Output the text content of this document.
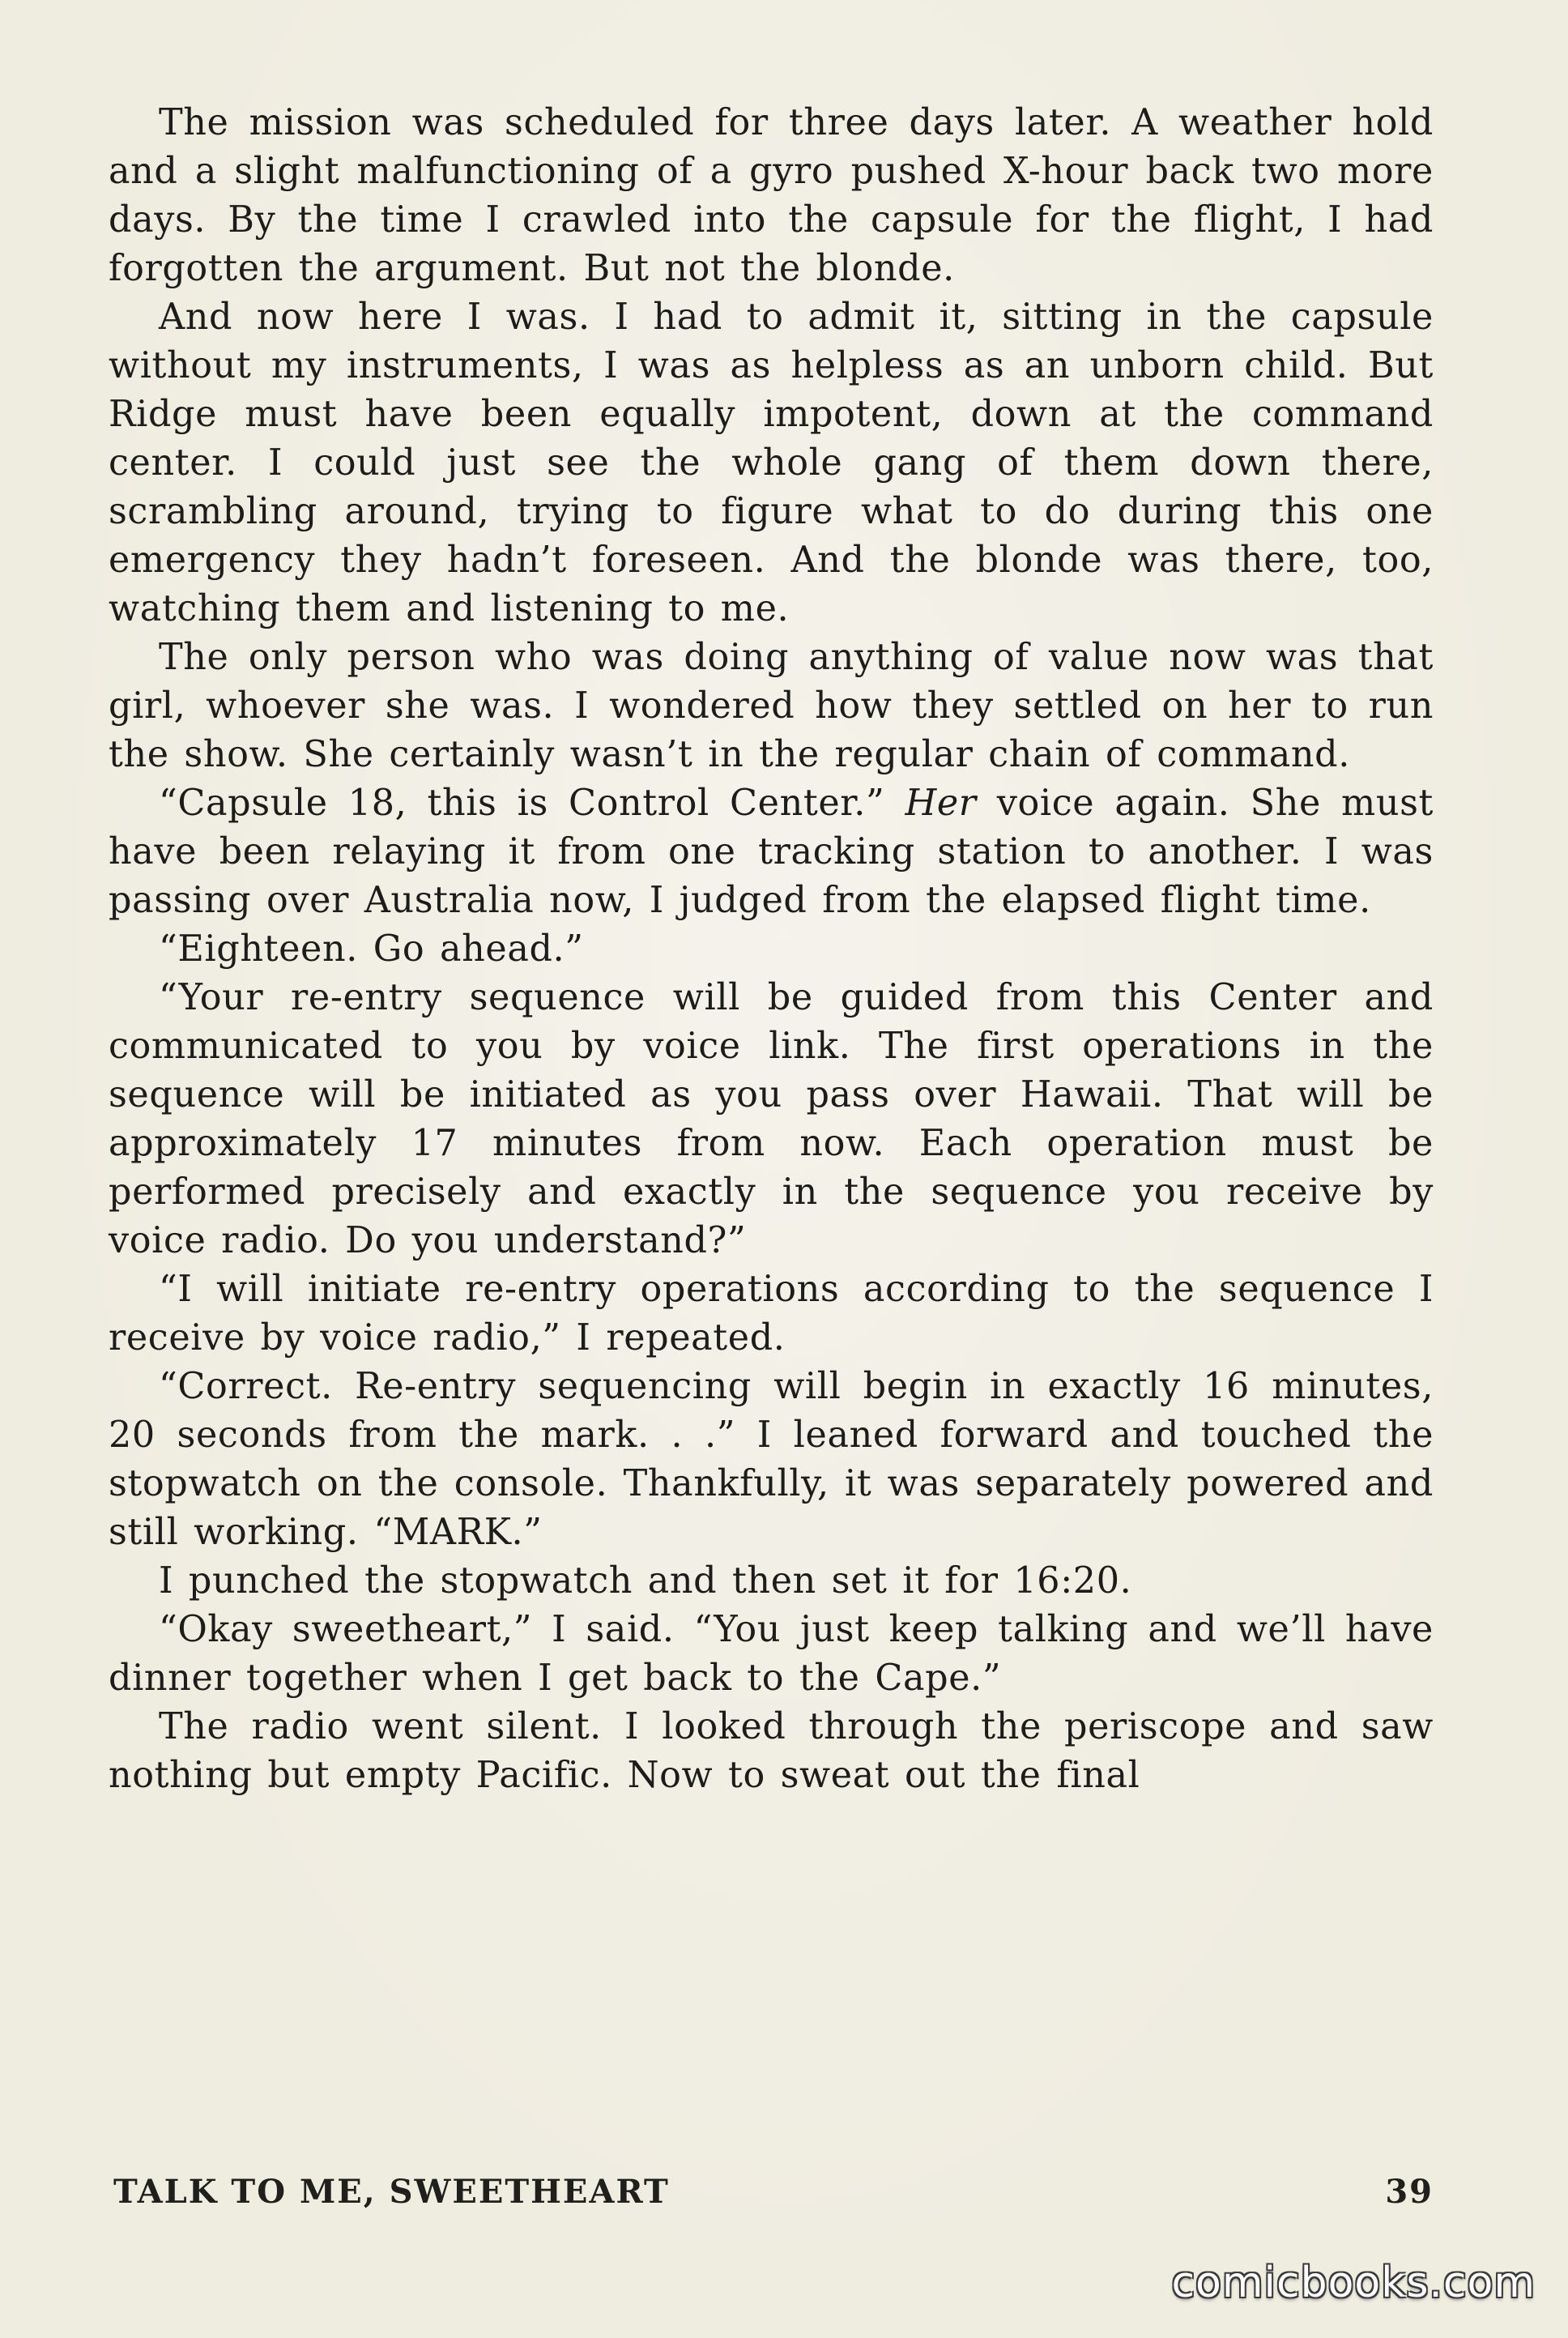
The mission was scheduled for three days later. A weather hold and a slight malfunctioning of a gyro pushed X-hour back two more days. By the time I crawled into the capsule for the flight, I had forgotten the argument. But not the blonde.

And now here I was. I had to admit it, sitting in the capsule without my instruments, I was as helpless as an unborn child. But Ridge must have been equally impotent, down at the command center. I could just see the whole gang of them down there, scrambling around, trying to figure what to do during this one emergency they hadn’t foreseen. And the blonde was there, too, watching them and listening to me.

The only person who was doing anything of value now was that girl, whoever she was. I wondered how they settled on her to run the show. She certainly wasn’t in the regular chain of command.

“Capsule 18, this is Control Center.” Her voice again. She must have been relaying it from one tracking station to another. I was passing over Australia now, I judged from the elapsed flight time.

“Eighteen. Go ahead.”

“Your re-entry sequence will be guided from this Center and communicated to you by voice link. The first operations in the sequence will be initiated as you pass over Hawaii. That will be approximately 17 minutes from now. Each operation must be performed precisely and exactly in the sequence you receive by voice radio. Do you understand?”

“I will initiate re-entry operations according to the sequence I receive by voice radio,” I repeated.

“Correct. Re-entry sequencing will begin in exactly 16 minutes, 20 seconds from the mark. . .” I leaned forward and touched the stopwatch on the console. Thankfully, it was separately powered and still working. “MARK.”

I punched the stopwatch and then set it for 16:20.

“Okay sweetheart,” I said. “You just keep talking and we’ll have dinner together when I get back to the Cape.”

The radio went silent. I looked through the periscope and saw nothing but empty Pacific. Now to sweat out the final

TALK TO ME, SWEETHEART	39
comicbooks.com
